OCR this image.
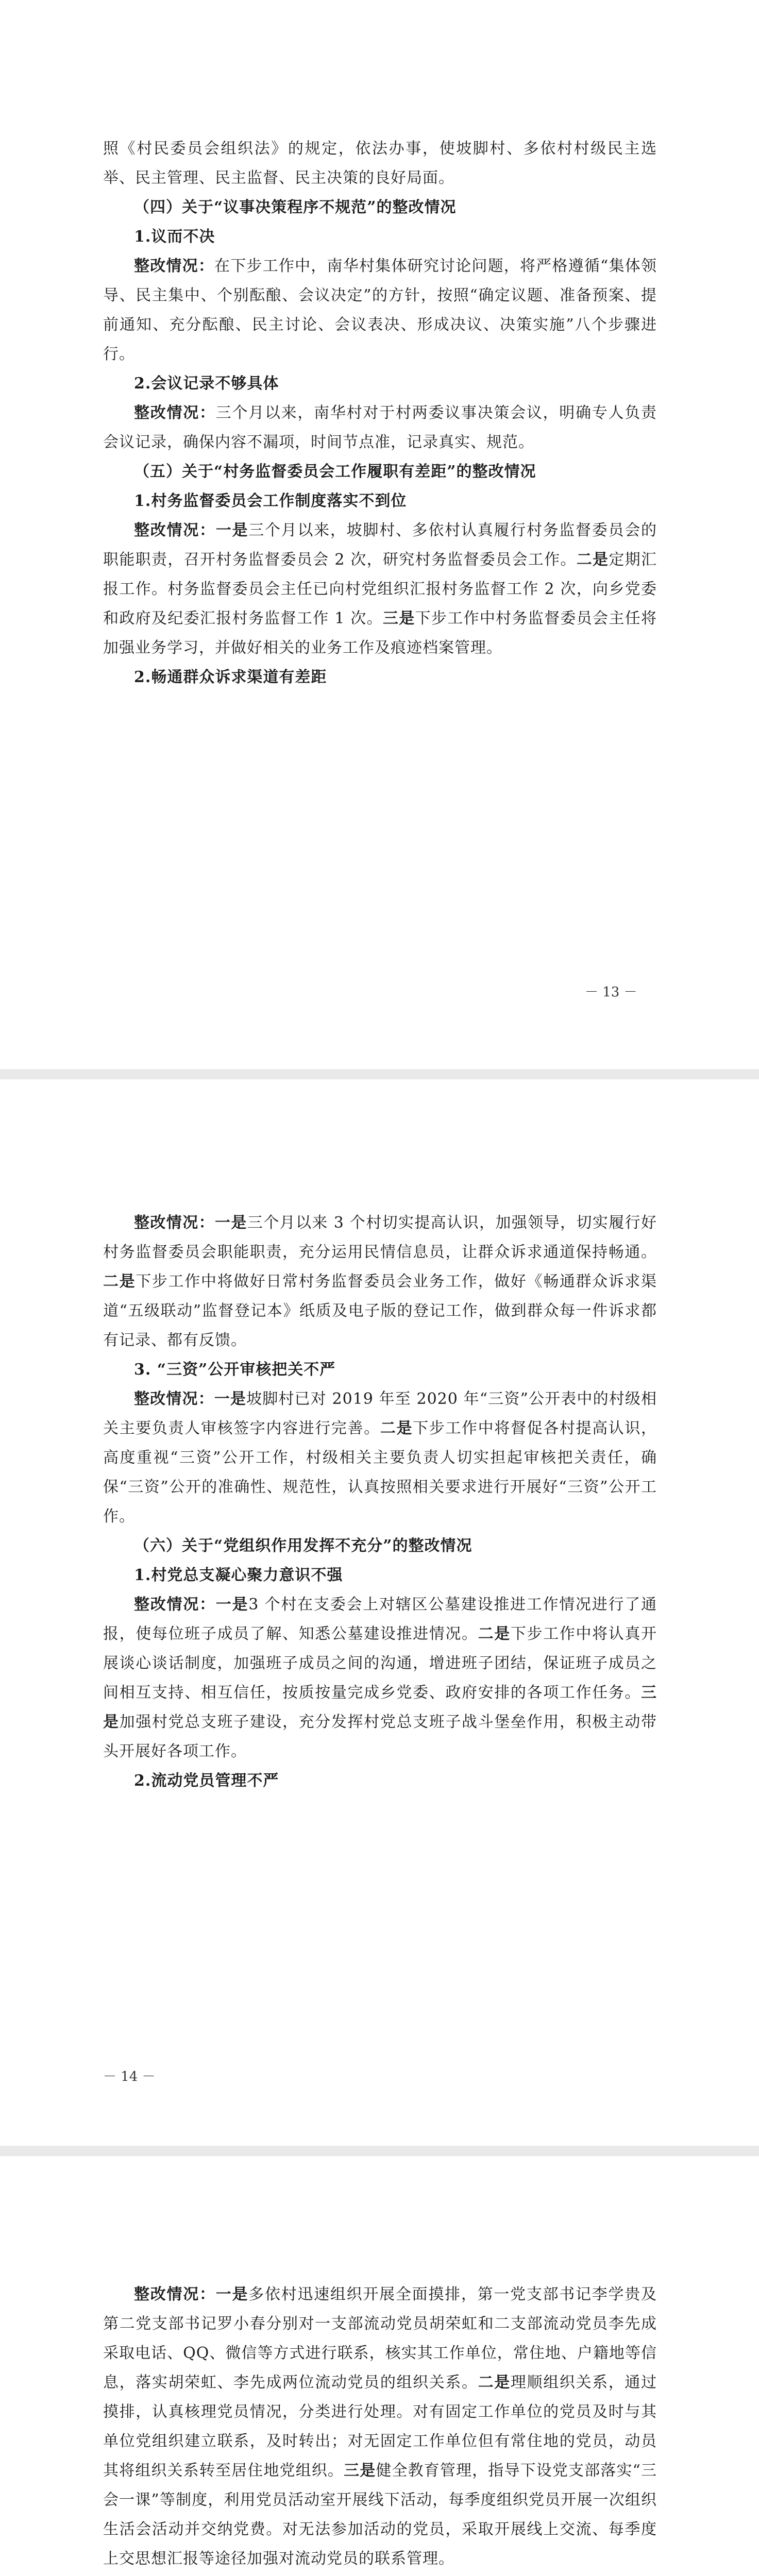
照《村民委员会组织法》的规定，依法办事，使坡脚村、多依村村级民主选举、民主管理、民主监督、民主决策的良好局面。

（四）关于“议事决策程序不规范”的整改情况

1.议而不决

整改情况：在下步工作中，南华村集体研究讨论问题，将严格遵循“集体领导、民主集中、个别酝酿、会议决定”的方针，按照“确定议题、准备预案、提前通知、充分酝酿、民主讨论、会议表决、形成决议、决策实施”八个步骤进行。

2.会议记录不够具体

整改情况：三个月以来，南华村对于村两委议事决策会议，明确专人负责会议记录，确保内容不漏项，时间节点准，记录真实、规范。

（五）关于“村务监督委员会工作履职有差距”的整改情况

1.村务监督委员会工作制度落实不到位

整改情况：一是三个月以来，坡脚村、多依村认真履行村务监督委员会的职能职责，召开村务监督委员会 2 次，研究村务监督委员会工作。二是定期汇报工作。村务监督委员会主任已向村党组织汇报村务监督工作 2 次，向乡党委和政府及纪委汇报村务监督工作 1 次。三是下步工作中村务监督委员会主任将加强业务学习，并做好相关的业务工作及痕迹档案管理。

2.畅通群众诉求渠道有差距

－ 13 －

整改情况：一是三个月以来 3 个村切实提高认识，加强领导，切实履行好村务监督委员会职能职责，充分运用民情信息员，让群众诉求通道保持畅通。二是下步工作中将做好日常村务监督委员会业务工作，做好《畅通群众诉求渠道“五级联动”监督登记本》纸质及电子版的登记工作，做到群众每一件诉求都有记录、都有反馈。

3. “三资”公开审核把关不严

整改情况：一是坡脚村已对 2019 年至 2020 年“三资”公开表中的村级相关主要负责人审核签字内容进行完善。二是下步工作中将督促各村提高认识，高度重视“三资”公开工作，村级相关主要负责人切实担起审核把关责任，确保“三资”公开的准确性、规范性，认真按照相关要求进行开展好“三资”公开工作。

（六）关于“党组织作用发挥不充分”的整改情况

1.村党总支凝心聚力意识不强

整改情况：一是3 个村在支委会上对辖区公墓建设推进工作情况进行了通报，使每位班子成员了解、知悉公墓建设推进情况。二是下步工作中将认真开展谈心谈话制度，加强班子成员之间的沟通，增进班子团结，保证班子成员之间相互支持、相互信任，按质按量完成乡党委、政府安排的各项工作任务。三是加强村党总支班子建设，充分发挥村党总支班子战斗堡垒作用，积极主动带头开展好各项工作。

2.流动党员管理不严

－ 14 －

整改情况：一是多依村迅速组织开展全面摸排，第一党支部书记李学贵及第二党支部书记罗小春分别对一支部流动党员胡荣虹和二支部流动党员李先成采取电话、QQ、微信等方式进行联系，核实其工作单位，常住地、户籍地等信息，落实胡荣虹、李先成两位流动党员的组织关系。二是理顺组织关系，通过摸排，认真核理党员情况，分类进行处理。对有固定工作单位的党员及时与其单位党组织建立联系，及时转出；对无固定工作单位但有常住地的党员，动员其将组织关系转至居住地党组织。三是健全教育管理，指导下设党支部落实“三会一课”等制度，利用党员活动室开展线下活动，每季度组织党员开展一次组织生活会活动并交纳党费。对无法参加活动的党员，采取开展线上交流、每季度上交思想汇报等途径加强对流动党员的联系管理。
